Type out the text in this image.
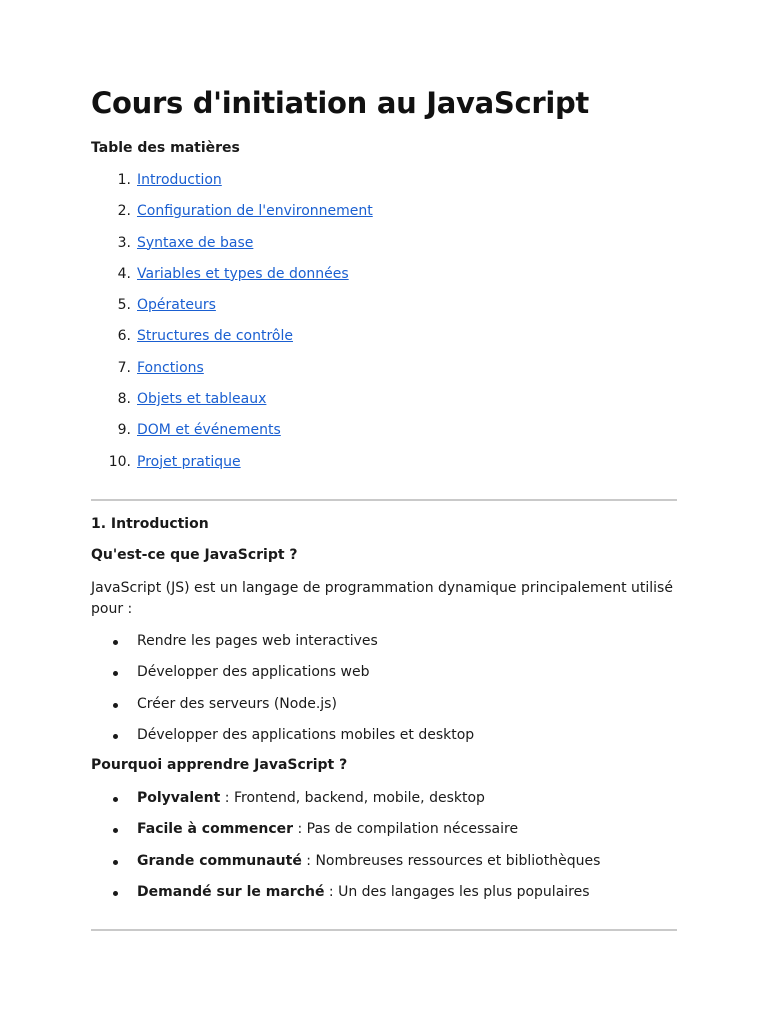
Cours d'initiation au JavaScript
Table des matières
1. Introduction
2. Configuration de l'environnement
3. Syntaxe de base
4. Variables et types de données
5. Opérateurs
6. Structures de contrôle
7. Fonctions
8. Objets et tableaux
9. DOM et événements
10. Projet pratique
1. Introduction
Qu'est-ce que JavaScript ?
JavaScript (JS) est un langage de programmation dynamique principalement utilisé pour :
Rendre les pages web interactives
Développer des applications web
Créer des serveurs (Node.js)
Développer des applications mobiles et desktop
Pourquoi apprendre JavaScript ?
Polyvalent : Frontend, backend, mobile, desktop
Facile à commencer : Pas de compilation nécessaire
Grande communauté : Nombreuses ressources et bibliothèques
Demandé sur le marché : Un des langages les plus populaires
